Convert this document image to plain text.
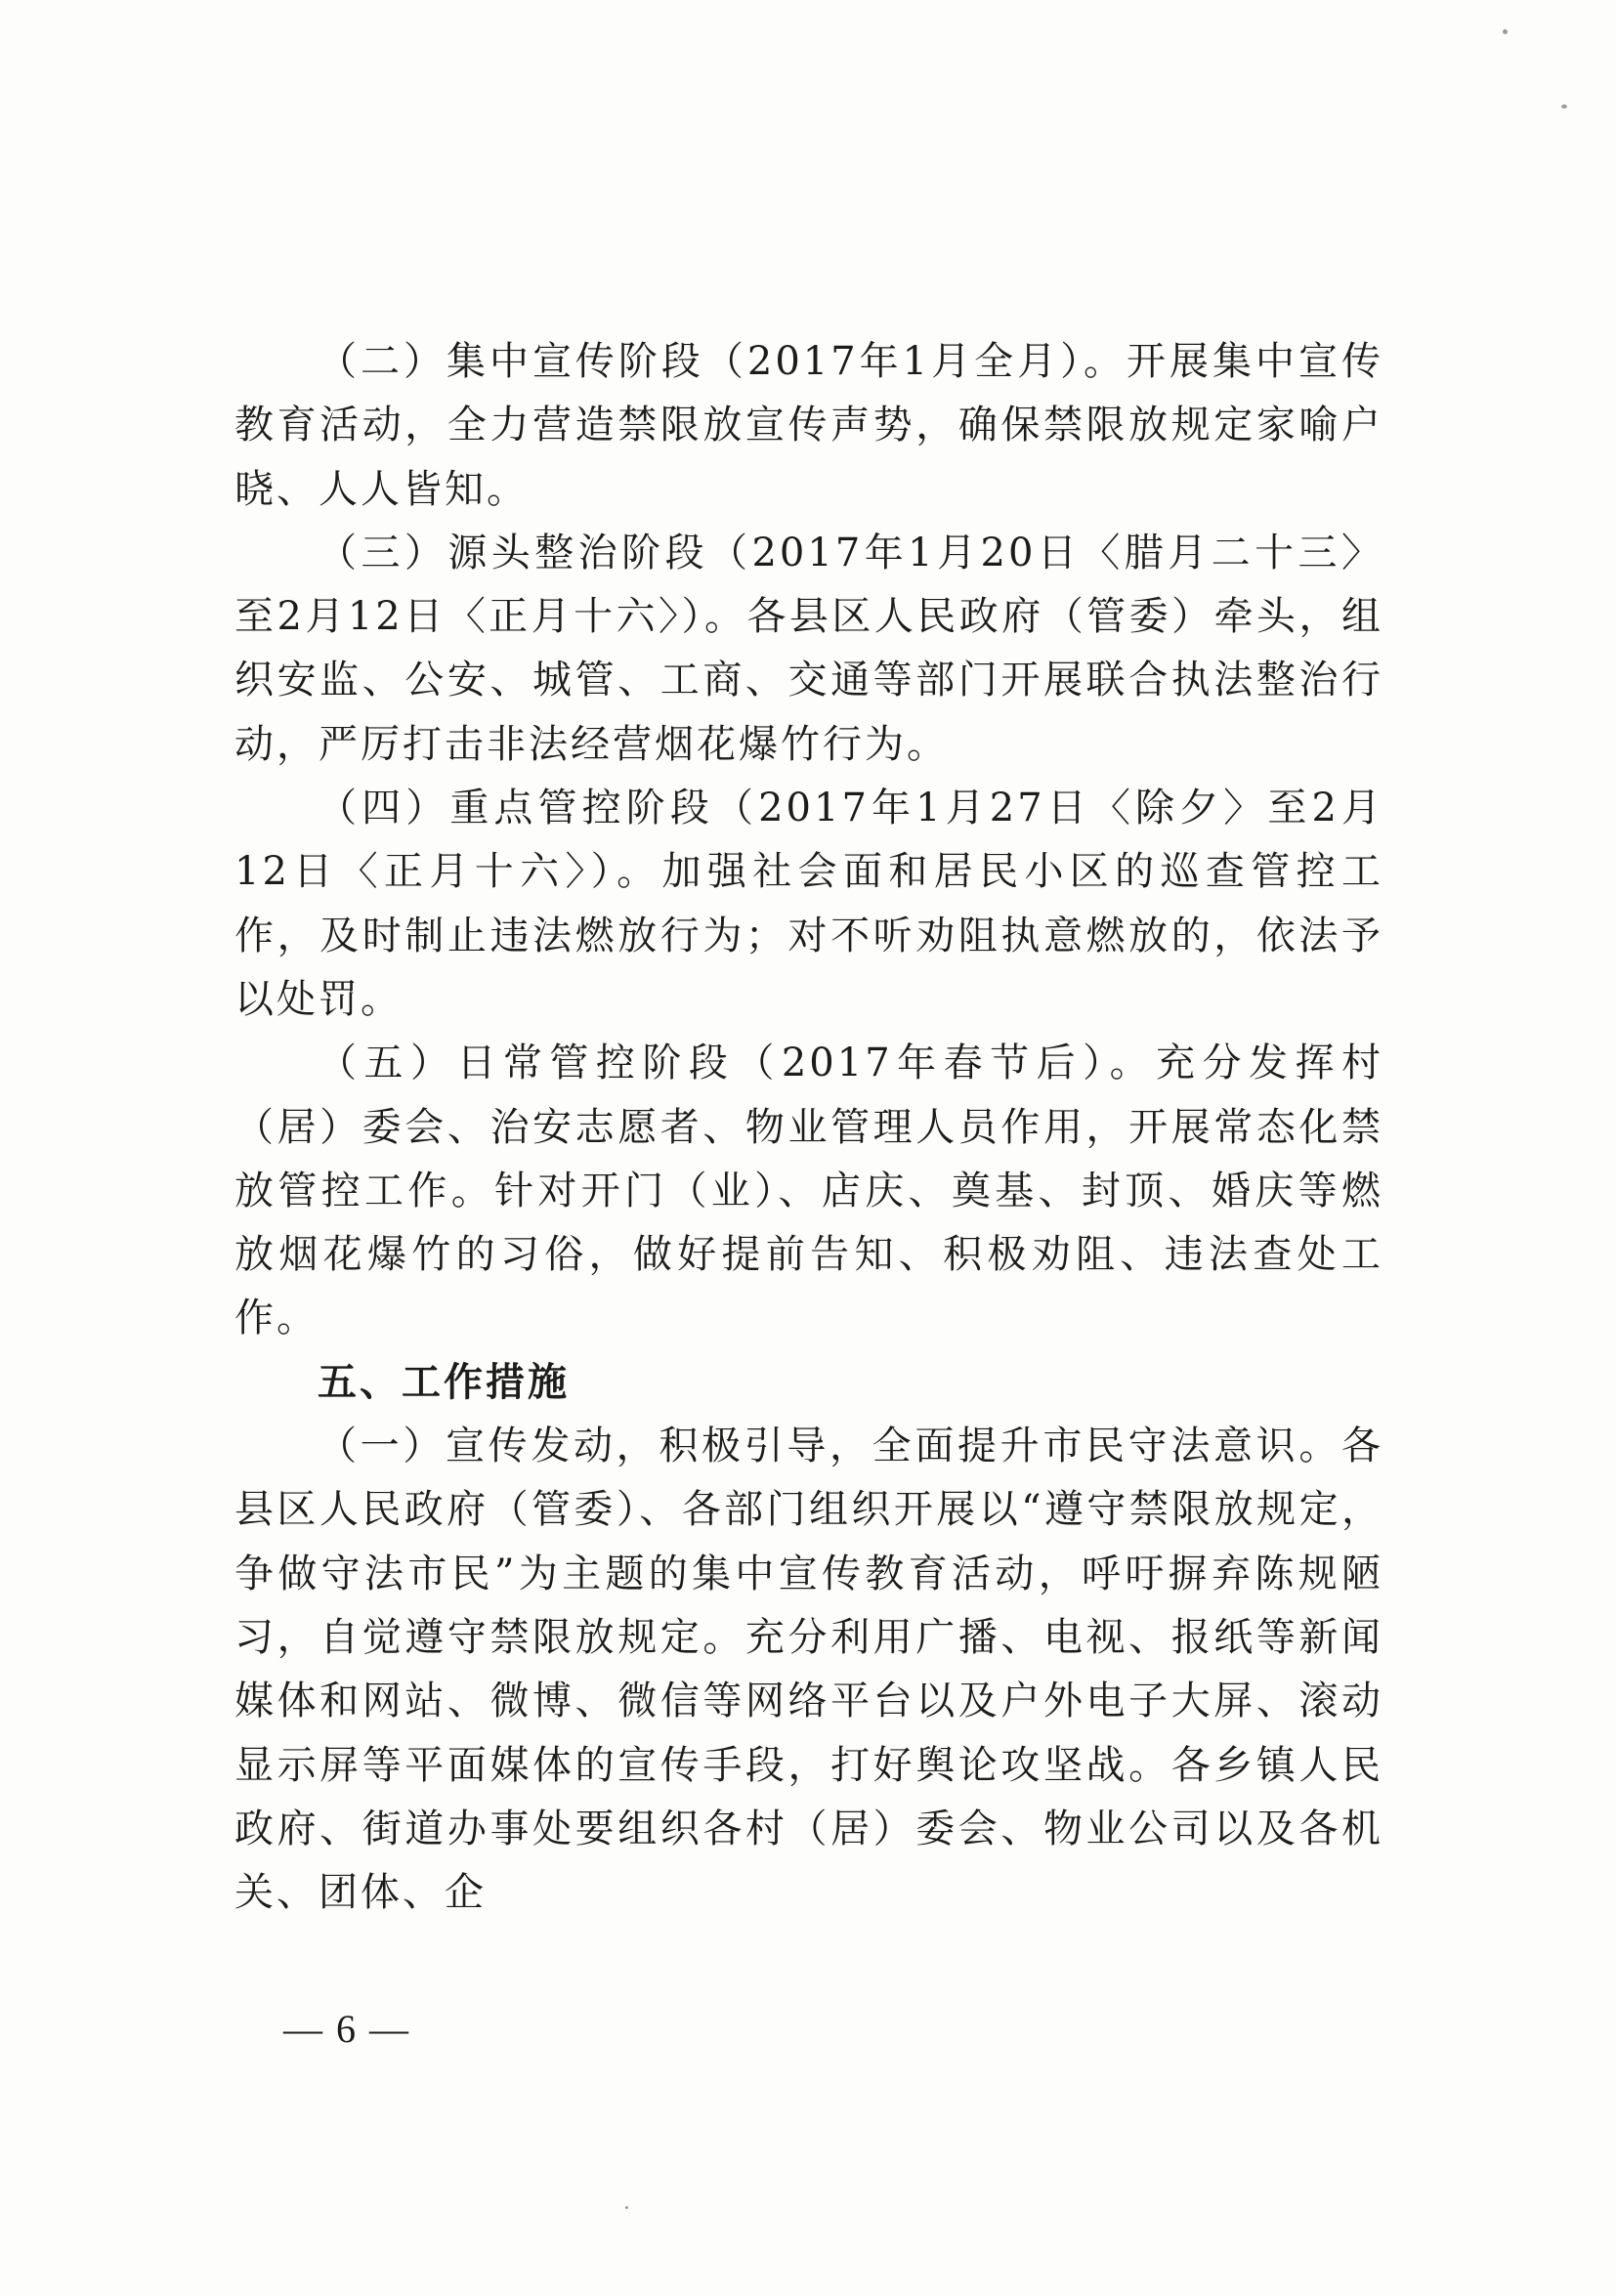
（二）集中宣传阶段（2017年1月全月）。开展集中宣传教育活动，全力营造禁限放宣传声势，确保禁限放规定家喻户晓、人人皆知。

（三）源头整治阶段（2017年1月20日〈腊月二十三〉至2月12日〈正月十六〉）。各县区人民政府（管委）牵头，组织安监、公安、城管、工商、交通等部门开展联合执法整治行动，严厉打击非法经营烟花爆竹行为。

（四）重点管控阶段（2017年1月27日〈除夕〉至2月12日〈正月十六〉）。加强社会面和居民小区的巡查管控工作，及时制止违法燃放行为；对不听劝阻执意燃放的，依法予以处罚。

（五）日常管控阶段（2017年春节后）。充分发挥村（居）委会、治安志愿者、物业管理人员作用，开展常态化禁放管控工作。针对开门（业）、店庆、奠基、封顶、婚庆等燃放烟花爆竹的习俗，做好提前告知、积极劝阻、违法查处工作。

五、工作措施

（一）宣传发动，积极引导，全面提升市民守法意识。各县区人民政府（管委）、各部门组织开展以“遵守禁限放规定，争做守法市民”为主题的集中宣传教育活动，呼吁摒弃陈规陋习，自觉遵守禁限放规定。充分利用广播、电视、报纸等新闻媒体和网站、微博、微信等网络平台以及户外电子大屏、滚动显示屏等平面媒体的宣传手段，打好舆论攻坚战。各乡镇人民政府、街道办事处要组织各村（居）委会、物业公司以及各机关、团体、企

— 6 —
